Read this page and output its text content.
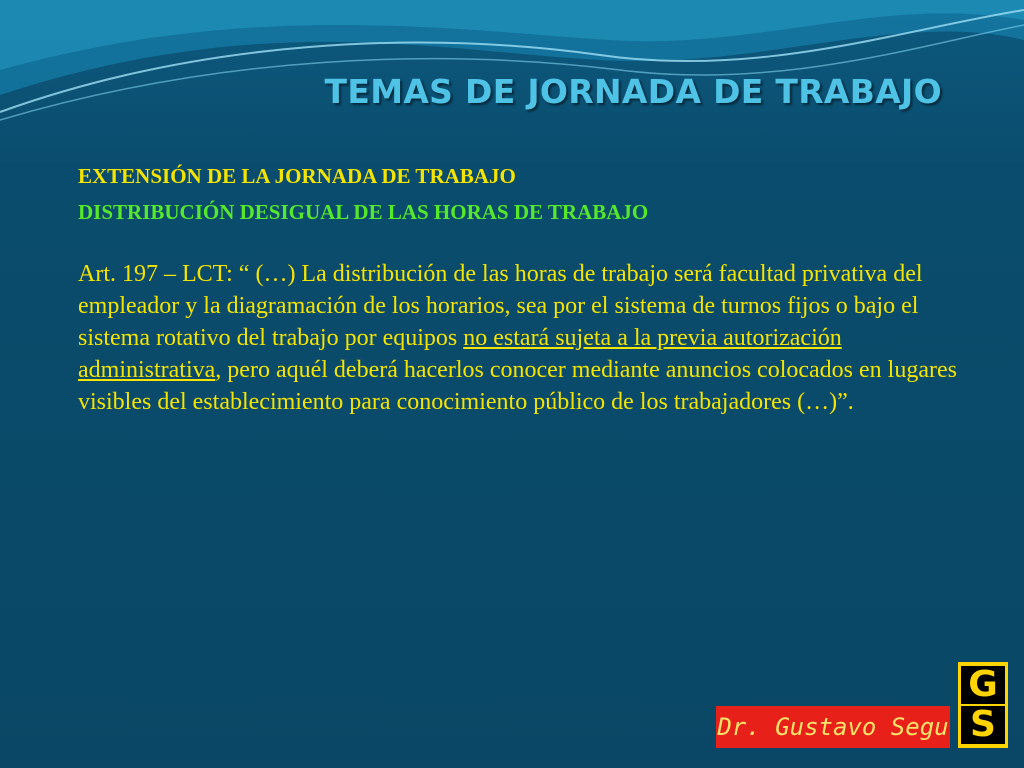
TEMAS DE JORNADA DE TRABAJO

EXTENSIÓN DE LA JORNADA DE TRABAJO

DISTRIBUCIÓN DESIGUAL DE LAS HORAS DE TRABAJO

Art. 197 – LCT: “ (…) La distribución de las horas de trabajo será facultad privativa del empleador y la diagramación de los horarios, sea por el sistema de turnos fijos o bajo el sistema rotativo del trabajo por equipos no estará sujeta a la previa autorización administrativa, pero aquél deberá hacerlos conocer mediante anuncios colocados en lugares visibles del establecimiento para conocimiento público de los trabajadores (…)”.

G
S
Dr. Gustavo Segu
